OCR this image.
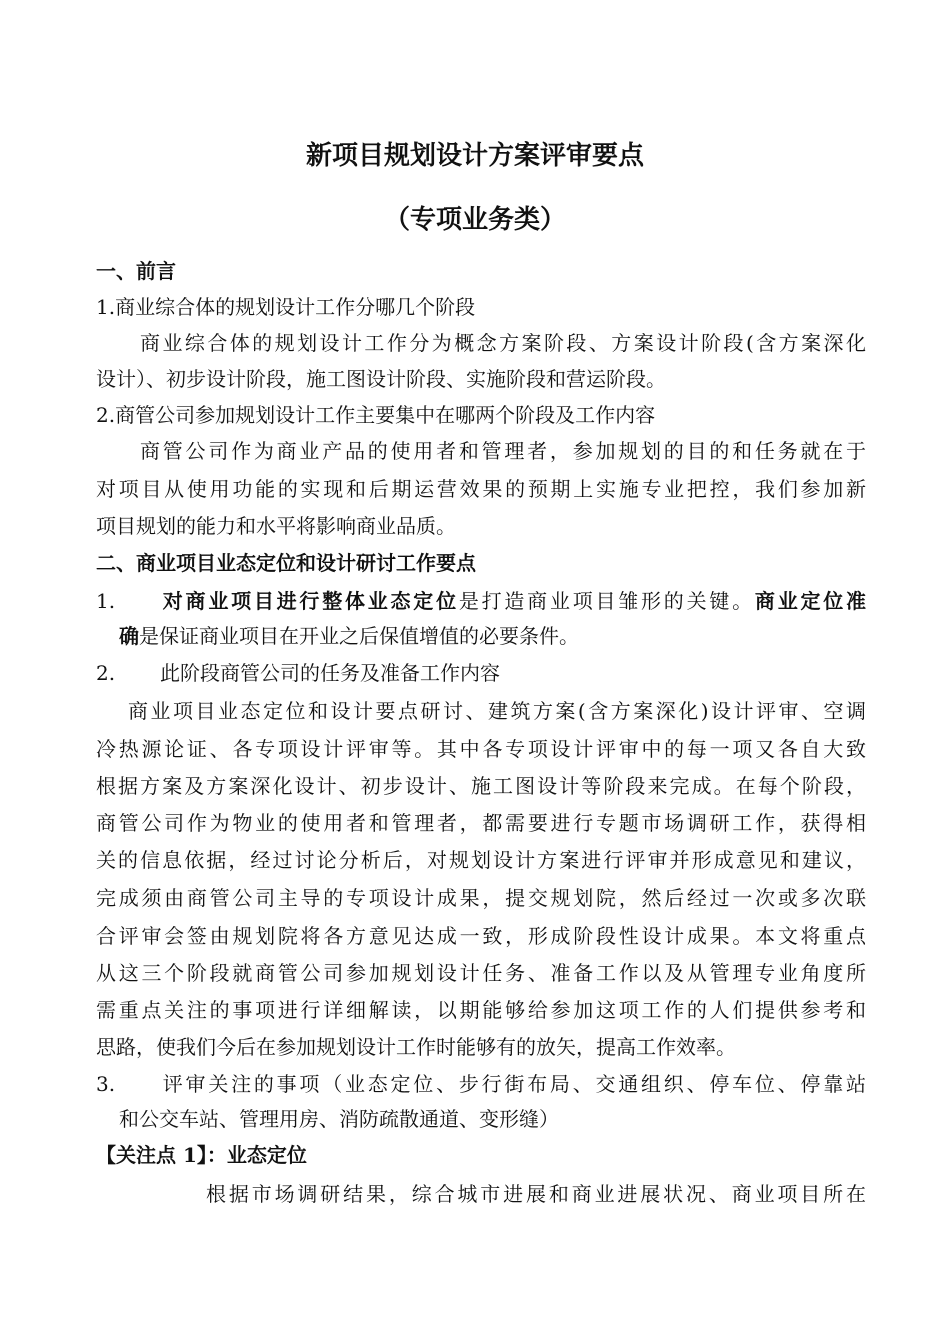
新项目规划设计方案评审要点
（专项业务类）
一、前言
1.商业综合体的规划设计工作分哪几个阶段
商业综合体的规划设计工作分为概念方案阶段、方案设计阶段(含方案深化
设计）、初步设计阶段，施工图设计阶段、实施阶段和营运阶段。
2.商管公司参加规划设计工作主要集中在哪两个阶段及工作内容
商管公司作为商业产品的使用者和管理者，参加规划的目的和任务就在于
对项目从使用功能的实现和后期运营效果的预期上实施专业把控，我们参加新
项目规划的能力和水平将影响商业品质。
二、商业项目业态定位和设计研讨工作要点
1. 对商业项目进行整体业态定位是打造商业项目雏形的关键。商业定位准
确是保证商业项目在开业之后保值增值的必要条件。
2. 此阶段商管公司的任务及准备工作内容
商业项目业态定位和设计要点研讨、建筑方案(含方案深化)设计评审、空调
冷热源论证、各专项设计评审等。其中各专项设计评审中的每一项又各自大致
根据方案及方案深化设计、初步设计、施工图设计等阶段来完成。在每个阶段，
商管公司作为物业的使用者和管理者，都需要进行专题市场调研工作，获得相
关的信息依据，经过讨论分析后，对规划设计方案进行评审并形成意见和建议，
完成须由商管公司主导的专项设计成果，提交规划院，然后经过一次或多次联
合评审会签由规划院将各方意见达成一致，形成阶段性设计成果。本文将重点
从这三个阶段就商管公司参加规划设计任务、准备工作以及从管理专业角度所
需重点关注的事项进行详细解读，以期能够给参加这项工作的人们提供参考和
思路，使我们今后在参加规划设计工作时能够有的放矢，提高工作效率。
3. 评审关注的事项（业态定位、步行街布局、交通组织、停车位、停靠站
和公交车站、管理用房、消防疏散通道、变形缝）
【关注点 1】：业态定位
根据市场调研结果，综合城市进展和商业进展状况、商业项目所在
